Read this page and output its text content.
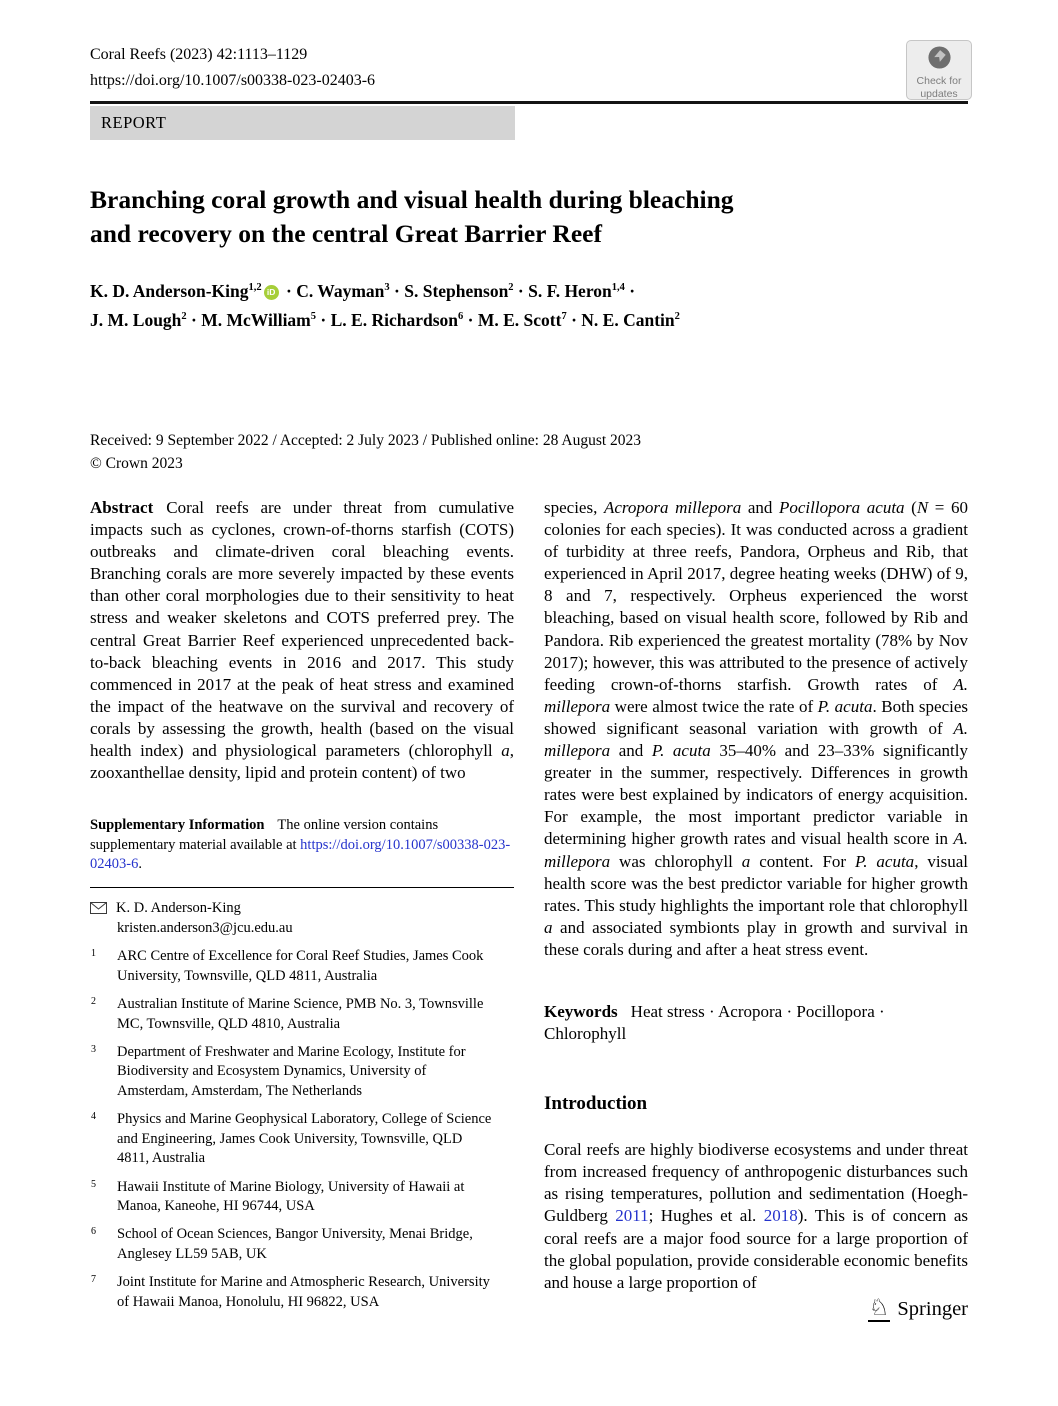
Coral Reefs (2023) 42:1113–1129
https://doi.org/10.1007/s00338-023-02403-6	Check for
updates
REPORT
Branching coral growth and visual health during bleaching
and recovery on the central Great Barrier Reef
K. D. Anderson-King$^{1,2}$ iD · C. Wayman$^3$ · S. Stephenson$^2$ · S. F. Heron$^{1,4}$ ·
J. M. Lough$^2$ · M. McWilliam$^5$ · L. E. Richardson$^6$ · M. E. Scott$^7$ · N. E. Cantin$^2$
Received: 9 September 2022 / Accepted: 2 July 2023 / Published online: 28 August 2023
© Crown 2023
Abstract Coral reefs are under threat from cumulative impacts such as cyclones, crown-of-thorns starfish (COTS) outbreaks and climate-driven coral bleaching events. Branching corals are more severely impacted by these events than other coral morphologies due to their sensitivity to heat stress and weaker skeletons and COTS preferred prey. The central Great Barrier Reef experienced unprecedented back-to-back bleaching events in 2016 and 2017. This study commenced in 2017 at the peak of heat stress and examined the impact of the heatwave on the survival and recovery of corals by assessing the growth, health (based on the visual health index) and physiological parameters (chlorophyll a, zooxanthellae density, lipid and protein content) of two
Supplementary Information The online version contains supplementary material available at https://doi.org/10.1007/s00338-023-02403-6.
K. D. Anderson-King
kristen.anderson3@jcu.edu.au
1	ARC Centre of Excellence for Coral Reef Studies, James Cook University, Townsville, QLD 4811, Australia
2	Australian Institute of Marine Science, PMB No. 3, Townsville MC, Townsville, QLD 4810, Australia
3	Department of Freshwater and Marine Ecology, Institute for Biodiversity and Ecosystem Dynamics, University of Amsterdam, Amsterdam, The Netherlands
4	Physics and Marine Geophysical Laboratory, College of Science and Engineering, James Cook University, Townsville, QLD 4811, Australia
5	Hawaii Institute of Marine Biology, University of Hawaii at Manoa, Kaneohe, HI 96744, USA
6	School of Ocean Sciences, Bangor University, Menai Bridge, Anglesey LL59 5AB, UK
7	Joint Institute for Marine and Atmospheric Research, University of Hawaii Manoa, Honolulu, HI 96822, USA
species, Acropora millepora and Pocillopora acuta (N = 60 colonies for each species). It was conducted across a gradient of turbidity at three reefs, Pandora, Orpheus and Rib, that experienced in April 2017, degree heating weeks (DHW) of 9, 8 and 7, respectively. Orpheus experienced the worst bleaching, based on visual health score, followed by Rib and Pandora. Rib experienced the greatest mortality (78% by Nov 2017); however, this was attributed to the presence of actively feeding crown-of-thorns starfish. Growth rates of A. millepora were almost twice the rate of P. acuta. Both species showed significant seasonal variation with growth of A. millepora and P. acuta 35–40% and 23–33% significantly greater in the summer, respectively. Differences in growth rates were best explained by indicators of energy acquisition. For example, the most important predictor variable in determining higher growth rates and visual health score in A. millepora was chlorophyll a content. For P. acuta, visual health score was the best predictor variable for higher growth rates. This study highlights the important role that chlorophyll a and associated symbionts play in growth and survival in these corals during and after a heat stress event.
Keywords Heat stress · Acropora · Pocillopora · Chlorophyll
Introduction
Coral reefs are highly biodiverse ecosystems and under threat from increased frequency of anthropogenic disturbances such as rising temperatures, pollution and sedimentation (Hoegh-Guldberg 2011; Hughes et al. 2018). This is of concern as coral reefs are a major food source for a large proportion of the global population, provide considerable economic benefits and house a large proportion of
♘ Springer
